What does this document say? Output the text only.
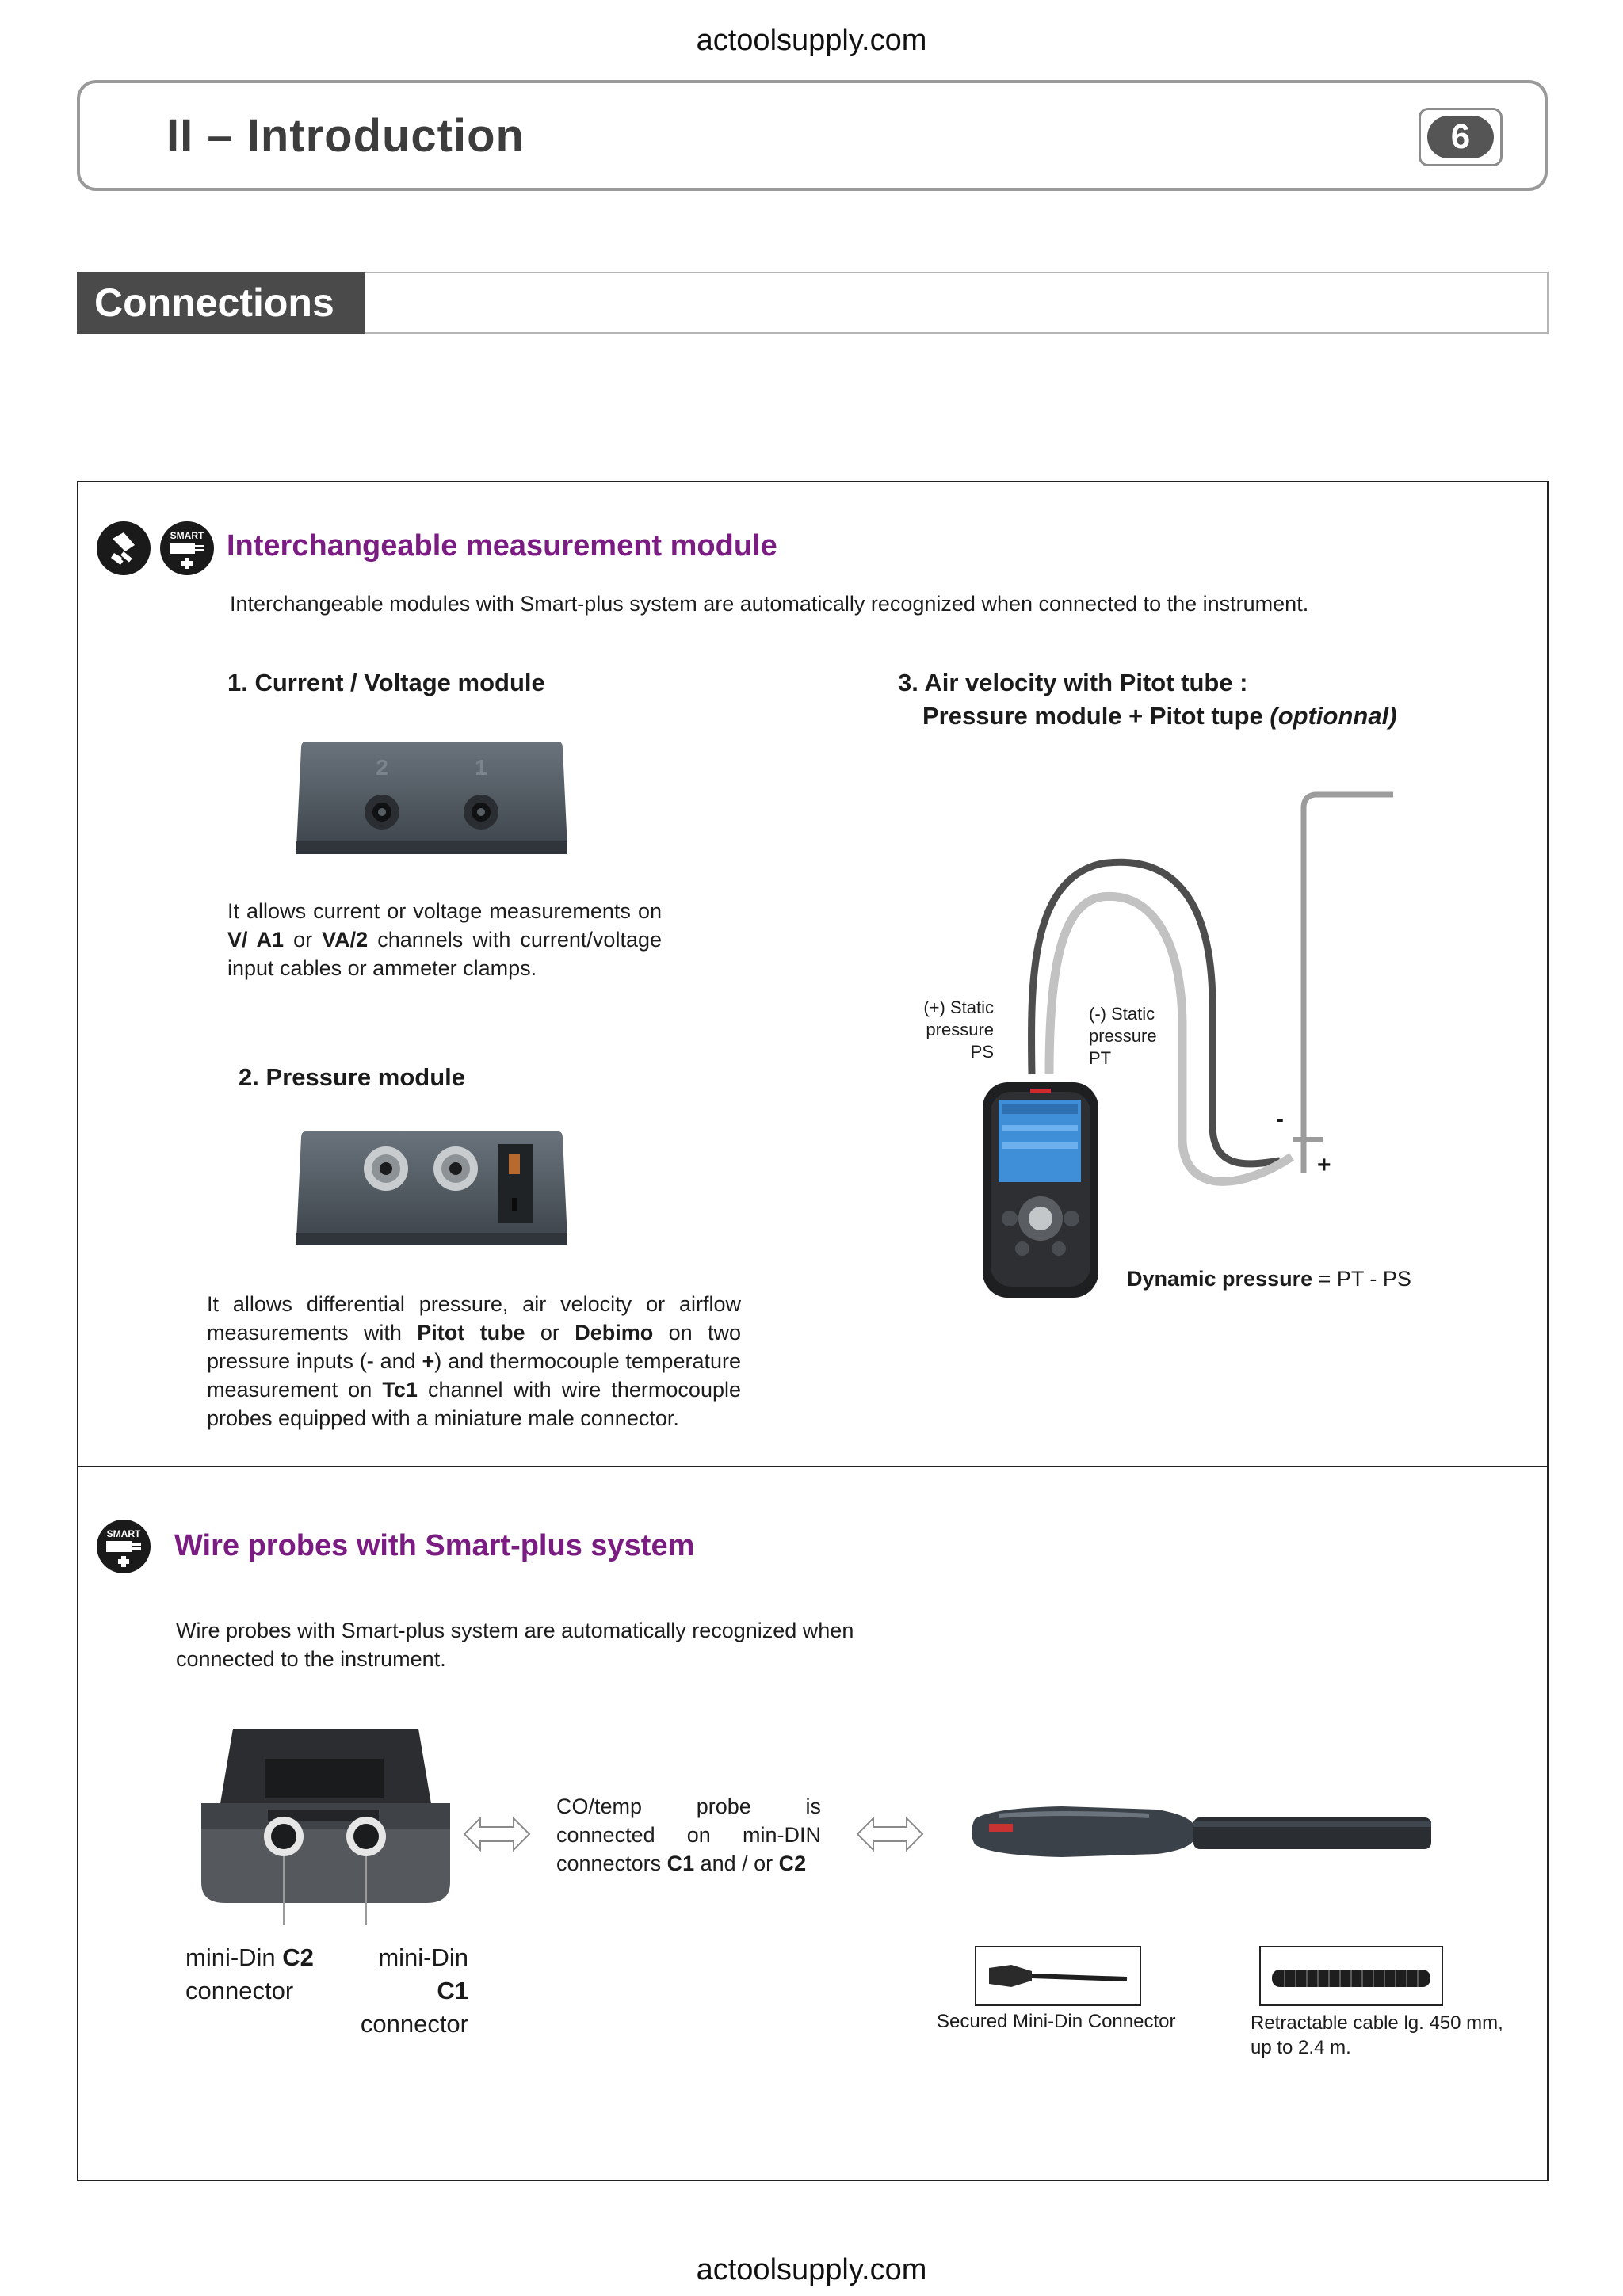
actoolsupply.com
II – Introduction	6
Connections
SMART Interchangeable measurement module
Interchangeable modules with Smart-plus system are automatically recognized when connected to the instrument.
1. Current / Voltage module
2	1
It allows current or voltage measurements on V/ A1 or VA/2 channels with current/voltage input cables or ammeter clamps.
2. Pressure module
It allows differential pressure, air velocity or airflow measurements with Pitot tube or Debimo on two pressure inputs (- and +) and thermocouple temperature measurement on Tc1 channel with wire thermocouple probes equipped with a miniature male connector.
3. Air velocity with Pitot tube :
Pressure module + Pitot tupe (optionnal)
(+) Static
pressure
PS
(-) Static
pressure
PT
-
+
Dynamic pressure = PT - PS
SMART Wire probes with Smart-plus system
Wire probes with Smart-plus system are automatically recognized when connected to the instrument.
mini-Din C2
connector
mini-Din C1
connector
CO/temp probe is connected on min-DIN connectors C1 and / or C2
Secured Mini-Din Connector	Retractable cable lg. 450 mm, up to 2.4 m.
actoolsupply.com
